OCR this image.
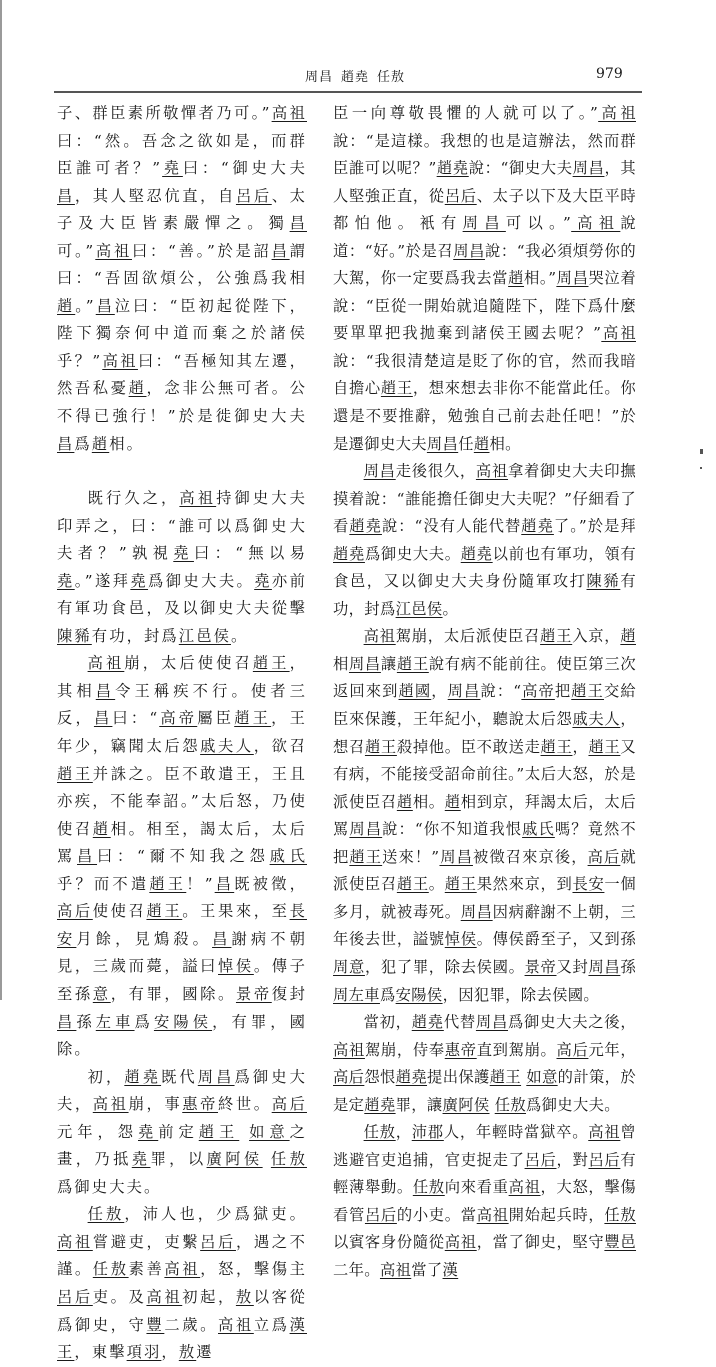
周昌 趙堯 任敖	979

子、群臣素所敬憚者乃可。”高祖曰：“然。吾念之欲如是，而群臣誰可者？”堯曰：“御史大夫昌，其人堅忍伉直，自呂后、太子及大臣皆素嚴憚之。獨昌可。”高祖曰：“善。”於是詔昌謂曰：“吾固欲煩公，公強爲我相趙。”昌泣曰：“臣初起從陛下，陛下獨奈何中道而棄之於諸侯乎？”高祖曰：“吾極知其左遷，然吾私憂趙，念非公無可者。公不得已強行！”於是徙御史大夫昌爲趙相。

既行久之，高祖持御史大夫印弄之，曰：“誰可以爲御史大夫者？”孰視堯曰：“無以易堯。”遂拜堯爲御史大夫。堯亦前有軍功食邑，及以御史大夫從擊陳豨有功，封爲江邑侯。

高祖崩，太后使使召趙王，其相昌令王稱疾不行。使者三反，昌曰：“高帝屬臣趙王，王年少，竊聞太后怨戚夫人，欲召趙王并誅之。臣不敢遣王，王且亦疾，不能奉詔。”太后怒，乃使使召趙相。相至，謁太后，太后罵昌曰：“爾不知我之怨戚氏乎？而不遣趙王！”昌既被徵，高后使使召趙王。王果來，至長安月餘，見鴆殺。昌謝病不朝見，三歲而薨，謚曰悼侯。傳子至孫意，有罪，國除。景帝復封昌孫左車爲安陽侯，有罪，國除。

初，趙堯既代周昌爲御史大夫，高祖崩，事惠帝終世。高后元年，怨堯前定趙王 如意之畫，乃抵堯罪，以廣阿侯 任敖爲御史大夫。

任敖，沛人也，少爲獄吏。高祖嘗避吏，吏繫呂后，遇之不謹。任敖素善高祖，怒，擊傷主呂后吏。及高祖初起，敖以客從爲御史，守豐二歲。高祖立爲漢王，東擊項羽，敖遷

臣一向尊敬畏懼的人就可以了。”高祖說：“是這樣。我想的也是這辦法，然而群臣誰可以呢？”趙堯說：“御史大夫周昌，其人堅強正直，從呂后、太子以下及大臣平時都怕他。衹有周昌可以。”高祖說道：“好。”於是召周昌說：“我必須煩勞你的大駕，你一定要爲我去當趙相。”周昌哭泣着說：“臣從一開始就追隨陛下，陛下爲什麼要單單把我拋棄到諸侯王國去呢？”高祖說：“我很清楚這是貶了你的官，然而我暗自擔心趙王，想來想去非你不能當此任。你還是不要推辭，勉強自己前去赴任吧！”於是遷御史大夫周昌任趙相。

周昌走後很久，高祖拿着御史大夫印撫摸着說：“誰能擔任御史大夫呢？”仔細看了看趙堯說：“没有人能代替趙堯了。”於是拜趙堯爲御史大夫。趙堯以前也有軍功，領有食邑，又以御史大夫身份隨軍攻打陳豨有功，封爲江邑侯。

高祖駕崩，太后派使臣召趙王入京，趙相周昌讓趙王說有病不能前往。使臣第三次返回來到趙國，周昌說：“高帝把趙王交給臣來保護，王年紀小，聽說太后怨戚夫人，想召趙王殺掉他。臣不敢送走趙王，趙王又有病，不能接受詔命前往。”太后大怒，於是派使臣召趙相。趙相到京，拜謁太后，太后罵周昌說：“你不知道我恨戚氏嗎？竟然不把趙王送來！”周昌被徵召來京後，高后就派使臣召趙王。趙王果然來京，到長安一個多月，就被毒死。周昌因病辭謝不上朝，三年後去世，謚號悼侯。傳侯爵至子，又到孫周意，犯了罪，除去侯國。景帝又封周昌孫周左車爲安陽侯，因犯罪，除去侯國。

當初，趙堯代替周昌爲御史大夫之後，高祖駕崩，侍奉惠帝直到駕崩。高后元年，高后怨恨趙堯提出保護趙王 如意的計策，於是定趙堯罪，讓廣阿侯 任敖爲御史大夫。

任敖，沛郡人，年輕時當獄卒。高祖曾逃避官吏追捕，官吏捉走了呂后，對呂后有輕薄舉動。任敖向來看重高祖，大怒，擊傷看管呂后的小吏。當高祖開始起兵時，任敖以賓客身份隨從高祖，當了御史，堅守豐邑二年。高祖當了漢
